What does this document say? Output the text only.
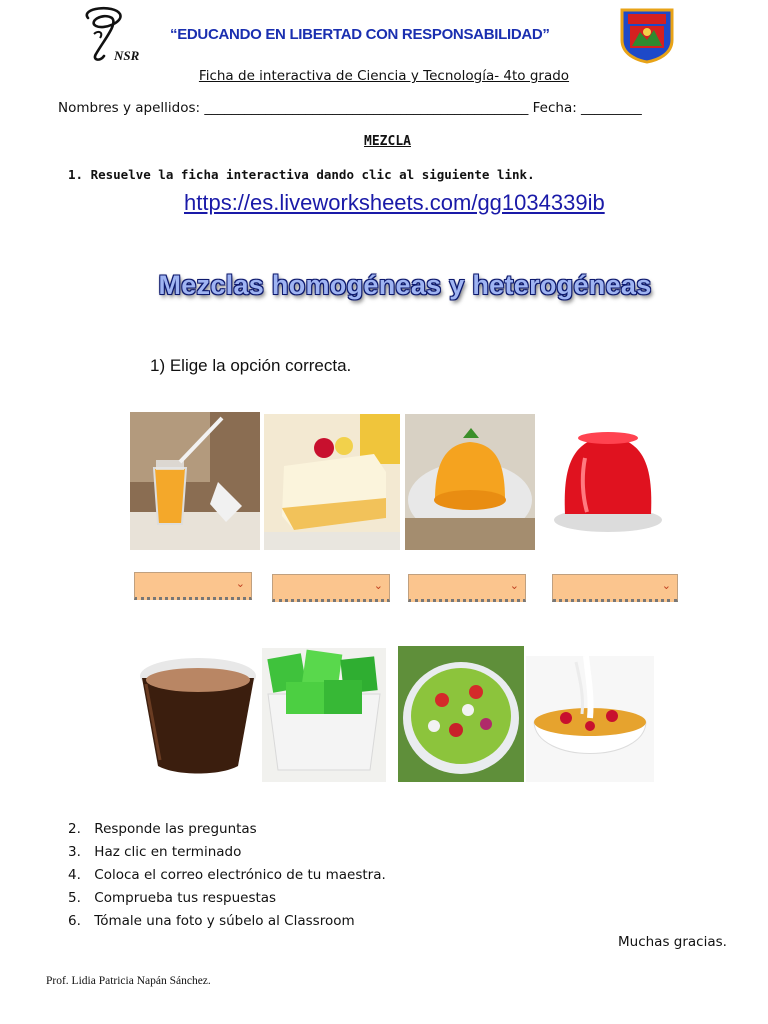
NSR
“EDUCANDO EN LIBERTAD CON RESPONSABILIDAD”
Ficha de interactiva de Ciencia y Tecnología- 4to grado
Nombres y apellidos: ________________________________________________ Fecha: _________
MEZCLA
1. Resuelve la ficha interactiva dando clic al siguiente link.
https://es.liveworksheets.com/gg1034339ib
Mezclas homogéneas y heterogéneas
1) Elige la opción correcta.
⌄	⌄	⌄	⌄
2. Responde las preguntas
3. Haz clic en terminado
4. Coloca el correo electrónico de tu maestra.
5. Comprueba tus respuestas
6. Tómale una foto y súbelo al Classroom
Muchas gracias.
Prof. Lidia Patricia Napán Sánchez.
